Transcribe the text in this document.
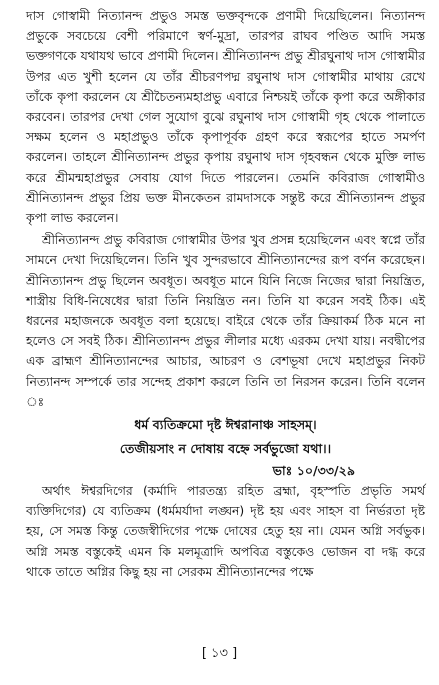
দাস গোস্বামী নিত্যানন্দ প্রভুও সমস্ত ভক্তবৃন্দকে প্রণামী দিয়েছিলেন। নিত্যানন্দ প্রভুকে সবচেয়ে বেশী পরিমাণে স্বর্ণ-মুদ্রা, তারপর রাঘব পণ্ডিত আদি সমস্ত ভক্তগণকে যথাযথ ভাবে প্রণামী দিলেন। শ্রীনিত্যানন্দ প্রভু শ্রীরঘুনাথ দাস গোস্বামীর উপর এত খুশী হলেন যে তাঁর শ্রীচরণপদ্ম রঘুনাথ দাস গোস্বামীর মাথায় রেখে তাঁকে কৃপা করলেন যে শ্রীচৈতন্যমহাপ্রভু এবারে নিশ্চয়ই তাঁকে কৃপা করে অঙ্গীকার করবেন। তারপর দেখা গেল সুযোগ বুঝে রঘুনাথ দাস গোস্বামী গৃহ থেকে পালাতে সক্ষম হলেন ও মহাপ্রভুও তাঁকে কৃপাপূর্বক গ্রহণ করে স্বরূপের হাতে সমর্পণ করলেন। তাহলে শ্রীনিত্যানন্দ প্রভুর কৃপায় রঘুনাথ দাস গৃহবন্ধন থেকে মুক্তি লাভ করে শ্রীমন্মহাপ্রভুর সেবায় যোগ দিতে পারলেন। তেমনি কবিরাজ গোস্বামীও শ্রীনিত্যানন্দ প্রভুর প্রিয় ভক্ত মীনকেতন রামদাসকে সন্তুষ্ট করে শ্রীনিত্যানন্দ প্রভুর কৃপা লাভ করলেন।

শ্রীনিত্যানন্দ প্রভু কবিরাজ গোস্বামীর উপর খুব প্রসন্ন হয়েছিলেন এবং স্বপ্নে তাঁর সামনে দেখা দিয়েছিলেন। তিনি খুব সুন্দরভাবে শ্রীনিত্যানন্দের রূপ বর্ণন করেছেন। শ্রীনিত্যানন্দ প্রভু ছিলেন অবধূত। অবধূত মানে যিনি নিজে নিজের দ্বারা নিয়ন্ত্রিত, শাস্ত্রীয় বিধি-নিষেধের দ্বারা তিনি নিয়ন্ত্রিত নন। তিনি যা করেন সবই ঠিক। এই ধরনের মহাজনকে অবধূত বলা হয়েছে। বাইরে থেকে তাঁর ক্রিয়াকর্ম ঠিক মনে না হলেও সে সবই ঠিক। শ্রীনিত্যানন্দ প্রভুর লীলার মধ্যে এরকম দেখা যায়। নবদ্বীপের এক ব্রাহ্মণ শ্রীনিত্যানন্দের আচার, আচরণ ও বেশভূষা দেখে মহাপ্রভুর নিকট নিত্যানন্দ সম্পর্কে তার সন্দেহ প্রকাশ করলে তিনি তা নিরসন করেন। তিনি বলেন ঃ

ধর্ম ব্যতিক্রমো দৃষ্ট ঈশ্বরানাঞ্চ সাহসম্।

তেজীয়সাং ন দোষায় বহ্নে সর্বভুজো যথা।।

ভাঃ ১০/৩৩/২৯

অর্থাৎ ঈশ্বরদিগের (কর্মাদি পারতন্ত্র্য রহিত ব্রহ্মা, বৃহস্পতি প্রভৃতি সমর্থ ব্যক্তিদিগের) যে ব্যতিক্রম (ধর্মমর্যাদা লঙ্ঘন) দৃষ্ট হয় এবং সাহস বা নির্ভরতা দৃষ্ট হয়, সে সমস্ত কিন্তু তেজস্বীদিগের পক্ষে দোষের হেতু হয় না। যেমন অগ্নি সর্বভুক। অগ্নি সমস্ত বস্তুকেই এমন কি মলমূত্রাদি অপবিত্র বস্তুকেও ভোজন বা দগ্ধ করে থাকে তাতে অগ্নির কিছু হয় না সেরকম শ্রীনিত্যানন্দের পক্ষে

[ ১৩ ]
